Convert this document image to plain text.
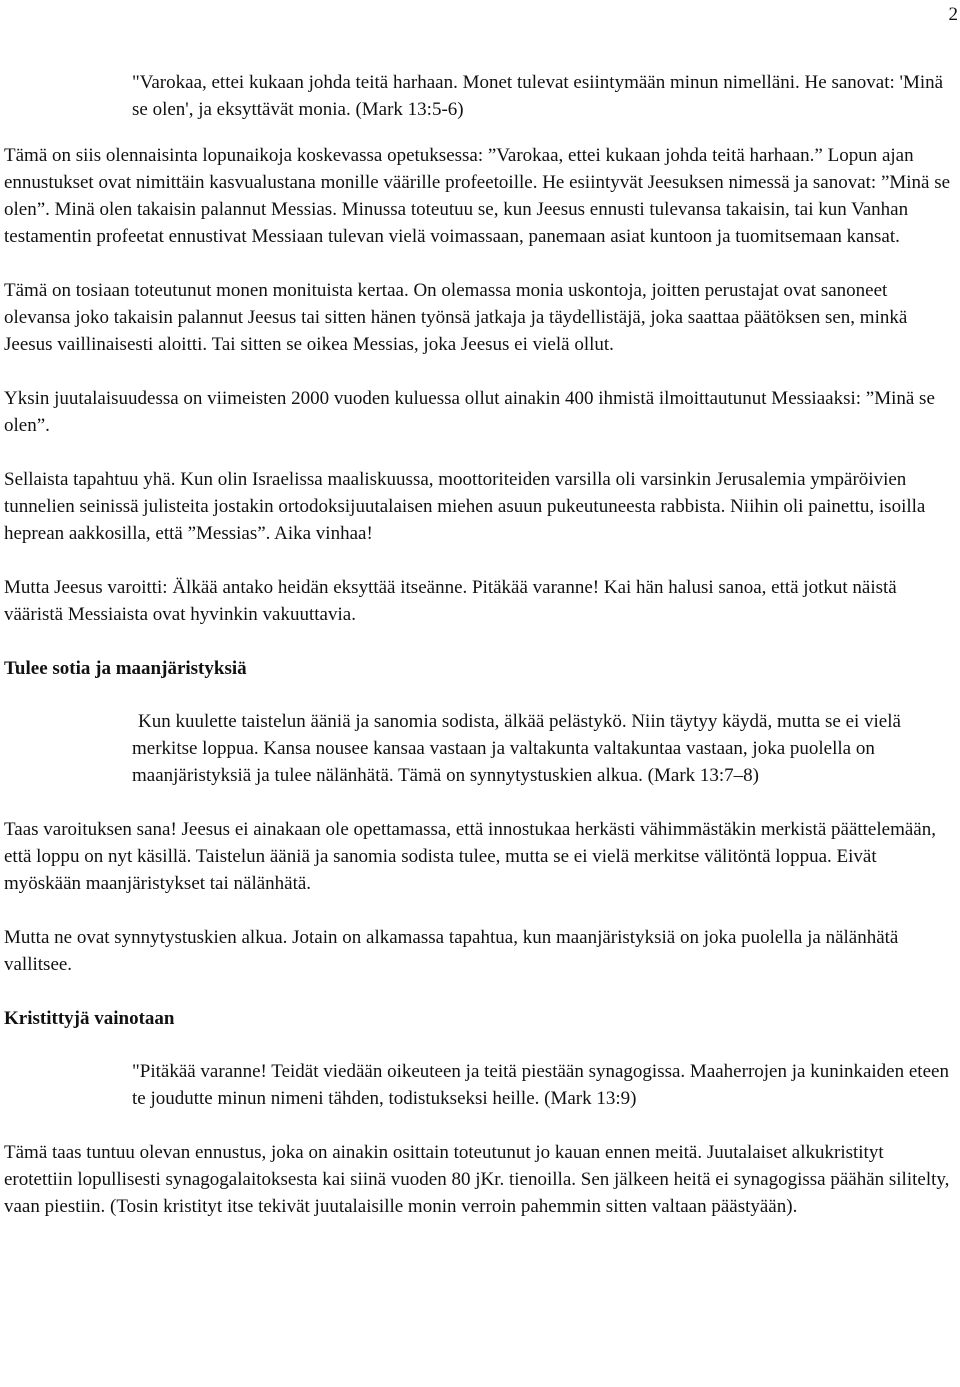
2

"Varokaa, ettei kukaan johda teitä harhaan. Monet tulevat esiintymään minun nimelläni. He sanovat: 'Minä se olen', ja eksyttävät monia. (Mark 13:5-6)

Tämä on siis olennaisinta lopunaikoja koskevassa opetuksessa: ”Varokaa, ettei kukaan johda teitä harhaan.” Lopun ajan ennustukset ovat nimittäin kasvualustana monille väärille profeetoille. He esiintyvät Jeesuksen nimessä ja sanovat: ”Minä se olen”. Minä olen takaisin palannut Messias. Minussa toteutuu se, kun Jeesus ennusti tulevansa takaisin, tai kun Vanhan testamentin profeetat ennustivat Messiaan tulevan vielä voimassaan, panemaan asiat kuntoon ja tuomitsemaan kansat.

Tämä on tosiaan toteutunut monen monituista kertaa. On olemassa monia uskontoja, joitten perustajat ovat sanoneet olevansa joko takaisin palannut Jeesus tai sitten hänen työnsä jatkaja ja täydellistäjä, joka saattaa päätöksen sen, minkä Jeesus vaillinaisesti aloitti. Tai sitten se oikea Messias, joka Jeesus ei vielä ollut.

Yksin juutalaisuudessa on viimeisten 2000 vuoden kuluessa ollut ainakin 400 ihmistä ilmoittautunut Messiaaksi: ”Minä se olen”.

Sellaista tapahtuu yhä. Kun olin Israelissa maaliskuussa, moottoriteiden varsilla oli varsinkin Jerusalemia ympäröivien tunnelien seinissä julisteita jostakin ortodoksijuutalaisen miehen asuun pukeutuneesta rabbista. Niihin oli painettu, isoilla heprean aakkosilla, että ”Messias”. Aika vinhaa!

Mutta Jeesus varoitti: Älkää antako heidän eksyttää itseänne. Pitäkää varanne! Kai hän halusi sanoa, että jotkut näistä vääristä Messiaista ovat hyvinkin vakuuttavia.

Tulee sotia ja maanjäristyksiä

Kun kuulette taistelun ääniä ja sanomia sodista, älkää pelästykö. Niin täytyy käydä, mutta se ei vielä merkitse loppua. Kansa nousee kansaa vastaan ja valtakunta valtakuntaa vastaan, joka puolella on maanjäristyksiä ja tulee nälänhätä. Tämä on synnytystuskien alkua. (Mark 13:7–8)

Taas varoituksen sana! Jeesus ei ainakaan ole opettamassa, että innostukaa herkästi vähimmästäkin merkistä päättelemään, että loppu on nyt käsillä. Taistelun ääniä ja sanomia sodista tulee, mutta se ei vielä merkitse välitöntä loppua. Eivät myöskään maanjäristykset tai nälänhätä.

Mutta ne ovat synnytystuskien alkua. Jotain on alkamassa tapahtua, kun maanjäristyksiä on joka puolella ja nälänhätä vallitsee.

Kristittyjä vainotaan

"Pitäkää varanne! Teidät viedään oikeuteen ja teitä piestään synagogissa. Maaherrojen ja kuninkaiden eteen te joudutte minun nimeni tähden, todistukseksi heille. (Mark 13:9)

Tämä taas tuntuu olevan ennustus, joka on ainakin osittain toteutunut jo kauan ennen meitä. Juutalaiset alkukristityt erotettiin lopullisesti synagogalaitoksesta kai siinä vuoden 80 jKr. tienoilla. Sen jälkeen heitä ei synagogissa päähän silitelty, vaan piestiin. (Tosin kristityt itse tekivät juutalaisille monin verroin pahemmin sitten valtaan päästyään).
